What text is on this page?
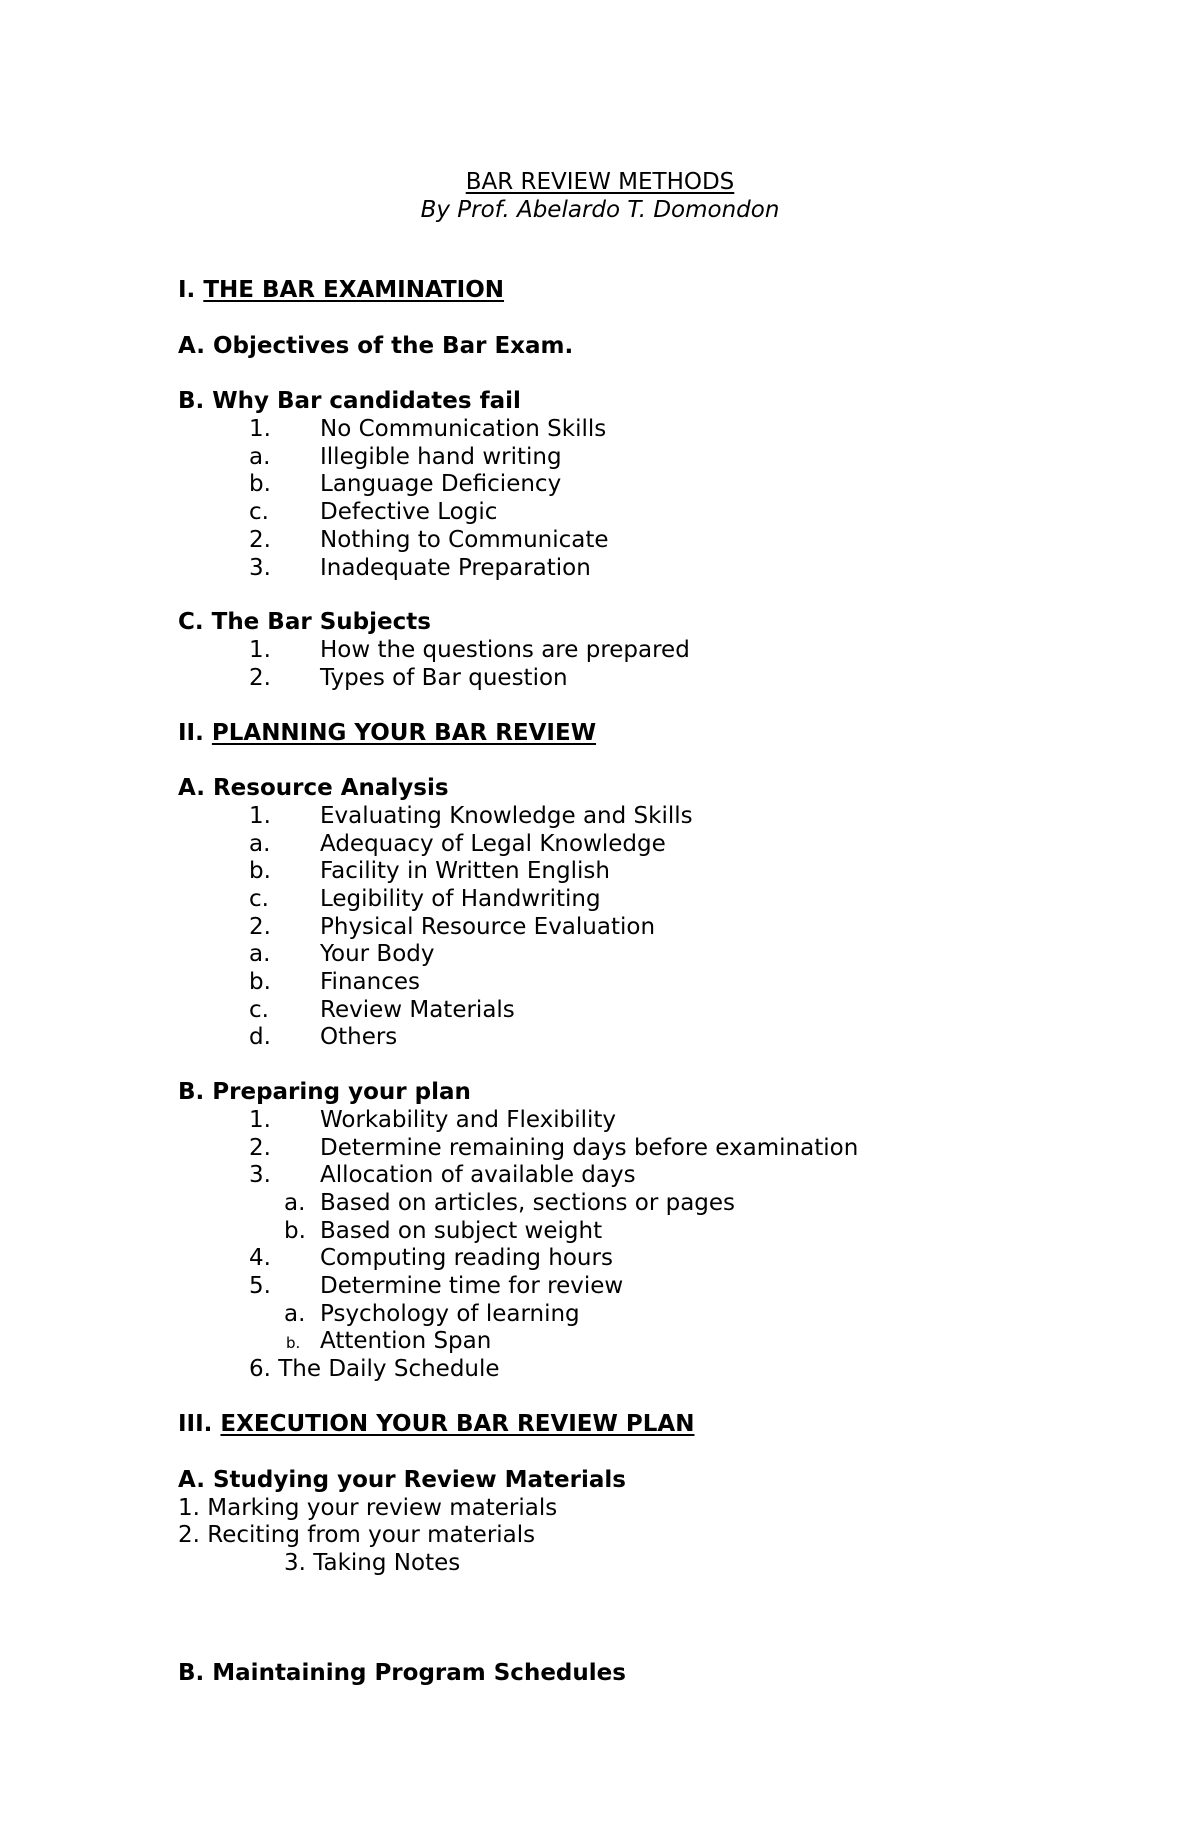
BAR REVIEW METHODS
By Prof. Abelardo T. Domondon
I. THE BAR EXAMINATION
A. Objectives of the Bar Exam.
B. Why Bar candidates fail
1. No Communication Skills
a. Illegible hand writing
b. Language Deficiency
c. Defective Logic
2. Nothing to Communicate
3. Inadequate Preparation
C. The Bar Subjects
1. How the questions are prepared
2. Types of Bar question
II. PLANNING YOUR BAR REVIEW
A. Resource Analysis
1. Evaluating Knowledge and Skills
a. Adequacy of Legal Knowledge
b. Facility in Written English
c. Legibility of Handwriting
2. Physical Resource Evaluation
a. Your Body
b. Finances
c. Review Materials
d. Others
B. Preparing your plan
1. Workability and Flexibility
2. Determine remaining days before examination
3. Allocation of available days
a. Based on articles, sections or pages
b. Based on subject weight
4. Computing reading hours
5. Determine time for review
a. Psychology of learning
b. Attention Span
6. The Daily Schedule
III. EXECUTION YOUR BAR REVIEW PLAN
A. Studying your Review Materials
1. Marking your review materials
2. Reciting from your materials
3. Taking Notes
B. Maintaining Program Schedules
